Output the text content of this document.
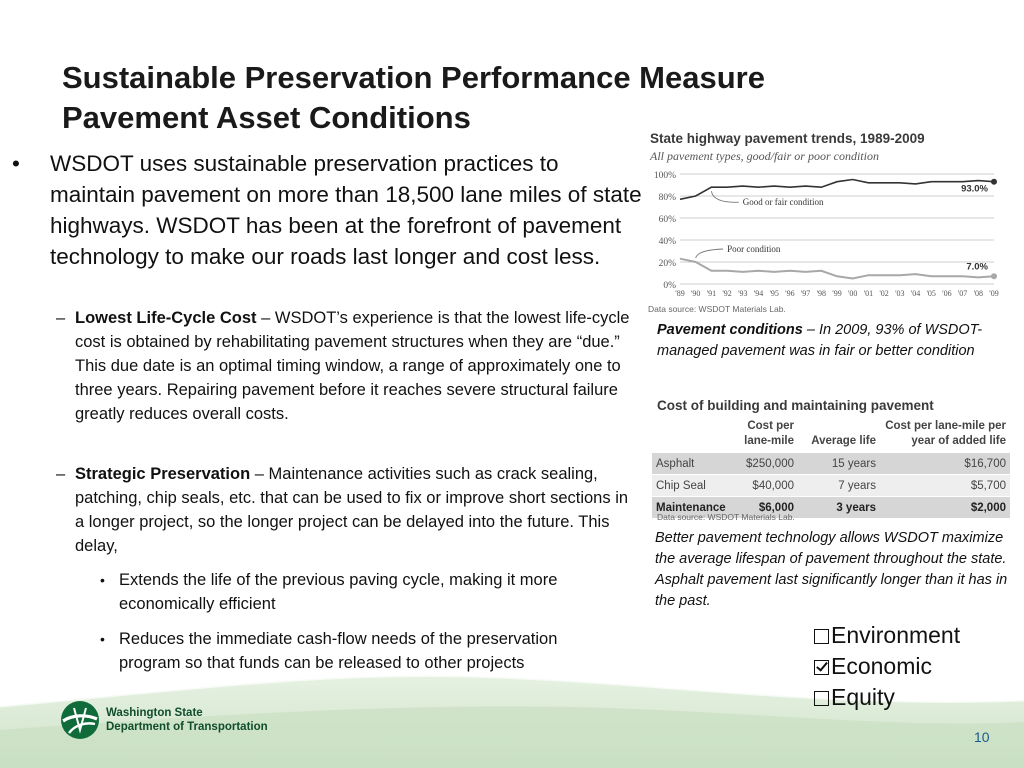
Sustainable Preservation Performance Measure
Pavement Asset Conditions
• WSDOT uses sustainable preservation practices to maintain pavement on more than 18,500 lane miles of state highways. WSDOT has been at the forefront of pavement technology to make our roads last longer and cost less.
– Lowest Life-Cycle Cost – WSDOT’s experience is that the lowest life-cycle cost is obtained by rehabilitating pavement structures when they are “due.” This due date is an optimal timing window, a range of approximately one to three years. Repairing pavement before it reaches severe structural failure greatly reduces overall costs.
– Strategic Preservation – Maintenance activities such as crack sealing, patching, chip seals, etc. that can be used to fix or improve short sections in a longer project, so the longer project can be delayed into the future. This delay,
• Extends the life of the previous paving cycle, making it more economically efficient
• Reduces the immediate cash-flow needs of the preservation program so that funds can be released to other projects
State highway pavement trends, 1989-2009
All pavement types, good/fair or poor condition
0%
20%
40%
60%
80%
100%
'89 '90 '91 '92 '93 '94 '95 '96 '97 '98 '99 '00 '01 '02 '03 '04 '05 '06 '07 '08 '09
93.0%
Good or fair condition
7.0%
Poor condition
Data source: WSDOT Materials Lab.
Pavement conditions – In 2009, 93% of WSDOT-managed pavement was in fair or better condition
Cost of building and maintaining pavement
	Cost per
lane-mile	Average life	Cost per lane-mile per
year of added life
Asphalt	$250,000	15 years	$16,700
Chip Seal	$40,000	7 years	$5,700
Maintenance	$6,000	3 years	$2,000
Data source: WSDOT Materials Lab.
Better pavement technology allows WSDOT maximize the average lifespan of pavement throughout the state. Asphalt pavement last significantly longer than it has in the past.
Environment
Economic
Equity
Washington State
Department of Transportation
10
